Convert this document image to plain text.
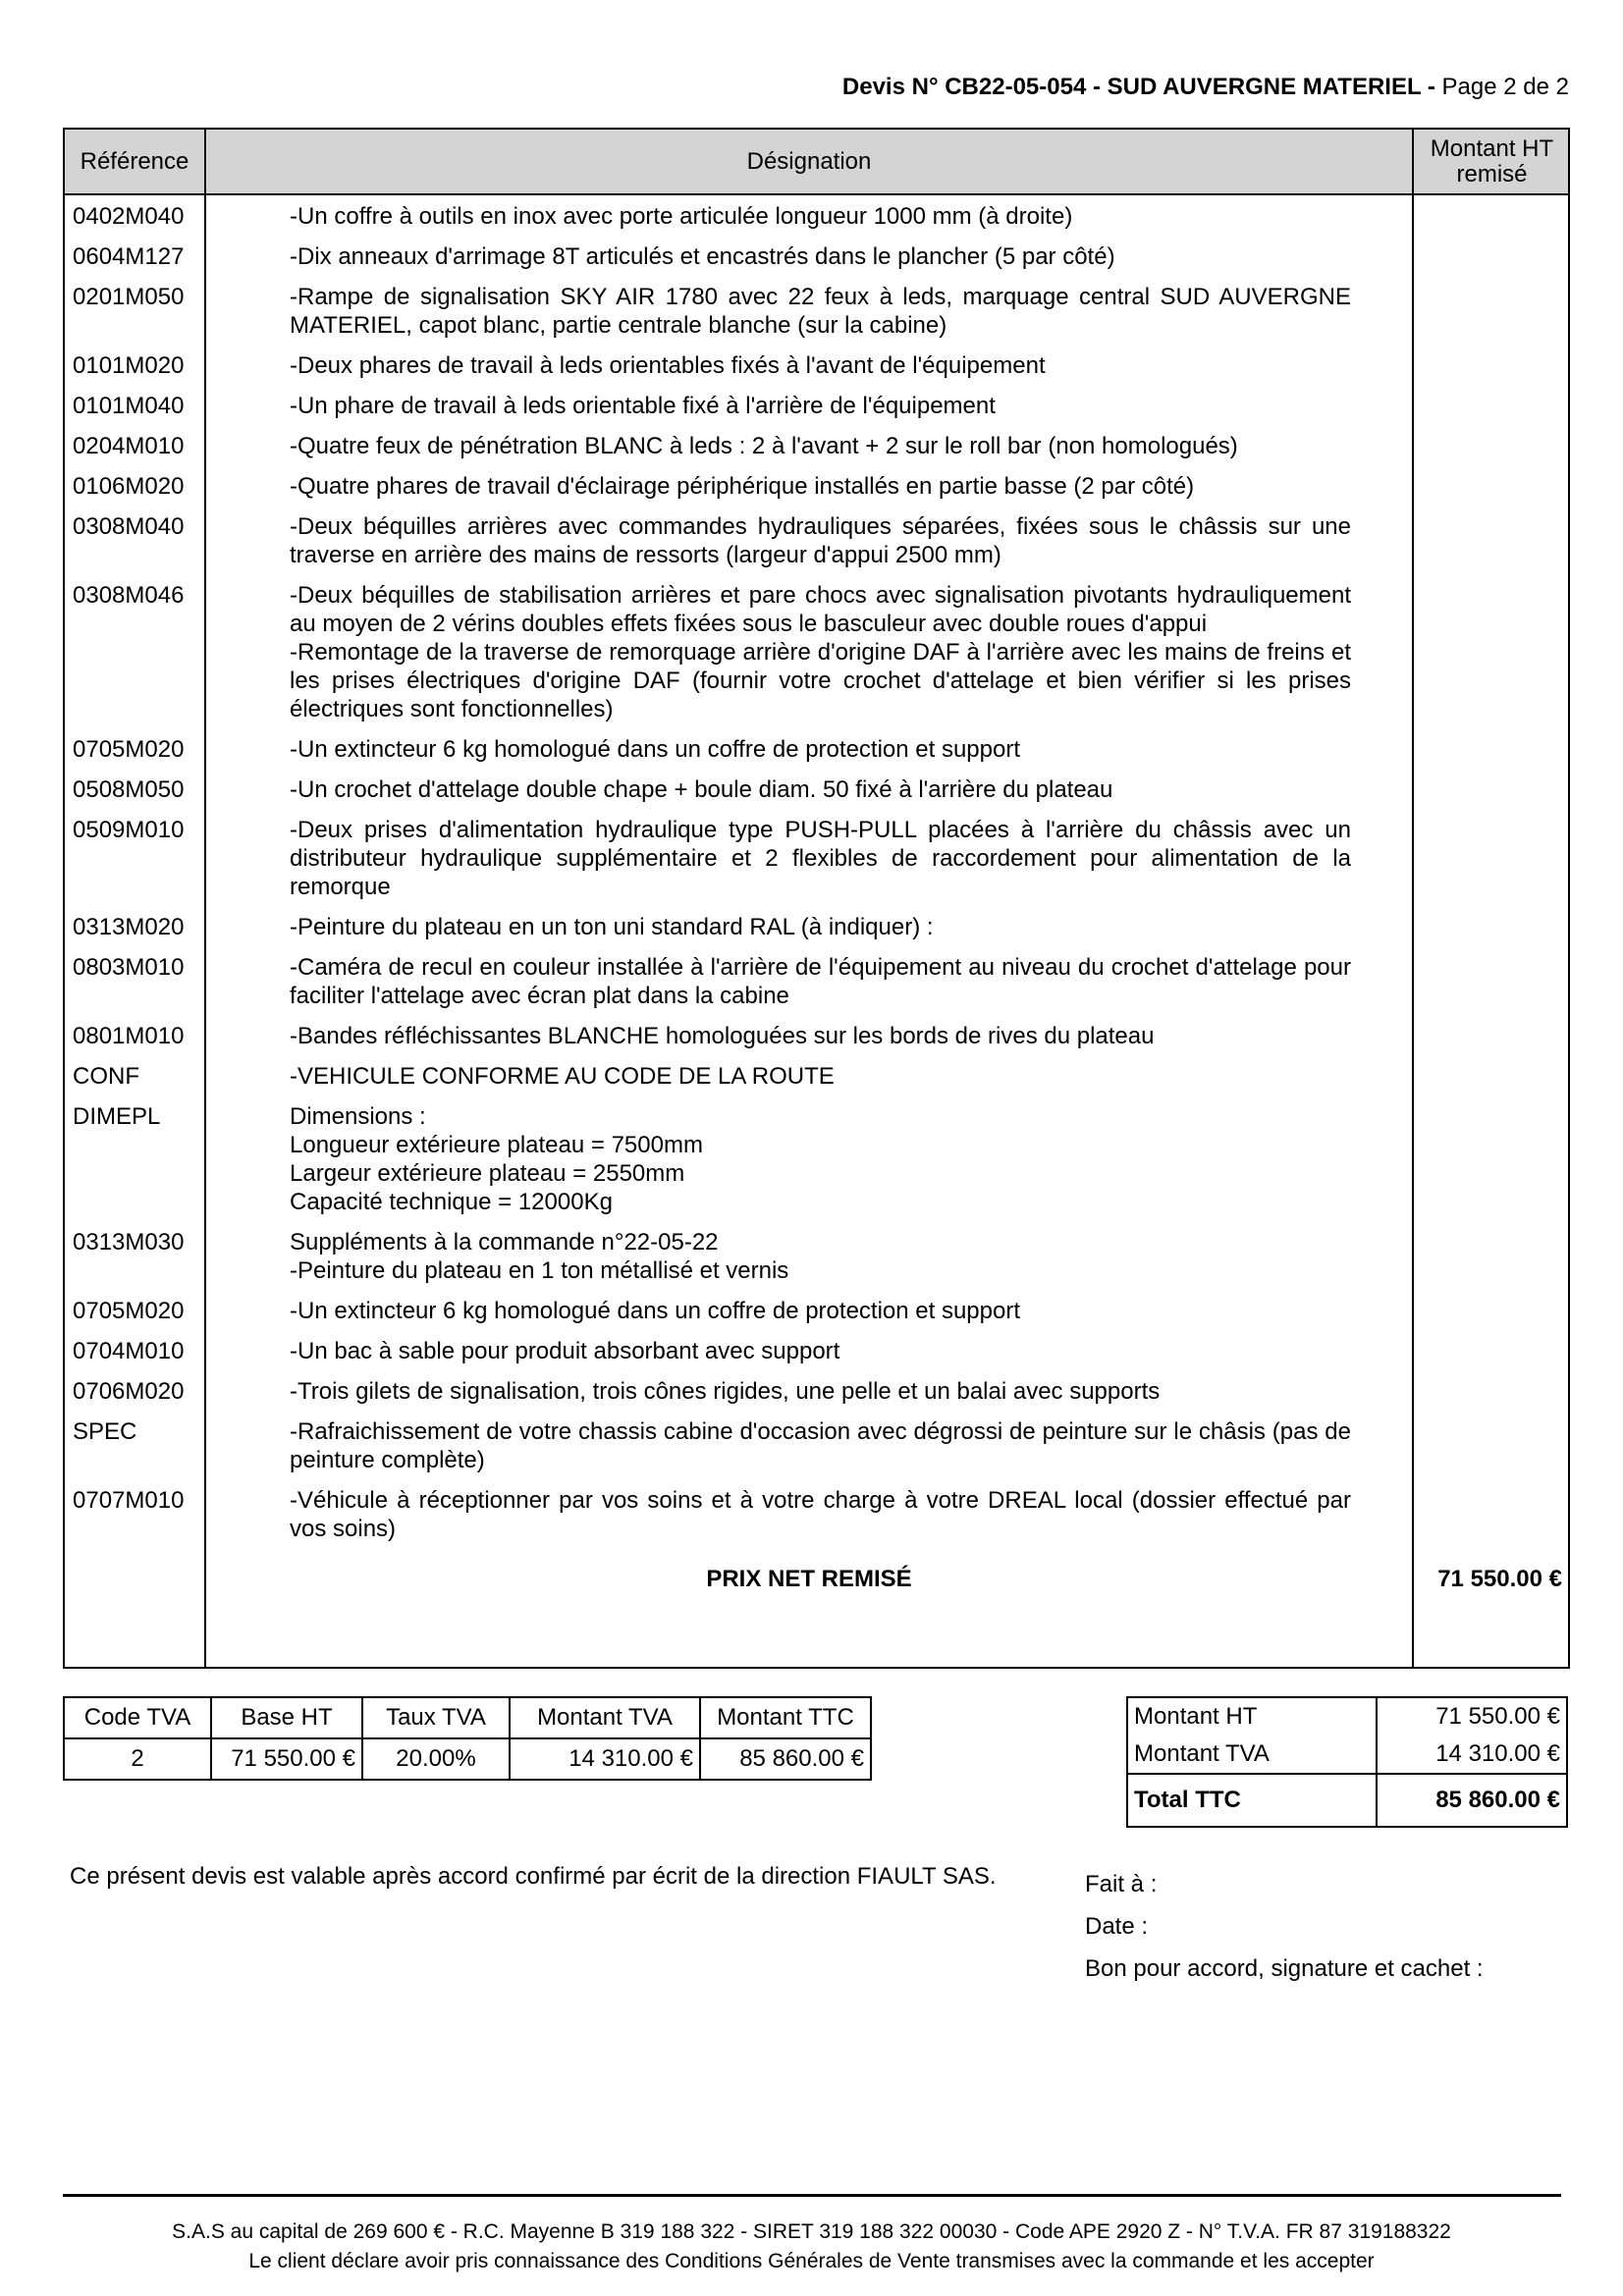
Devis N° CB22-05-054 - SUD AUVERGNE MATERIEL - Page 2 de 2
Référence	Désignation	Montant HT
remisé
0402M040	-Un coffre à outils en inox avec porte articulée longueur 1000 mm (à droite)
0604M127	-Dix anneaux d'arrimage 8T articulés et encastrés dans le plancher (5 par côté)
0201M050	-Rampe de signalisation SKY AIR 1780 avec 22 feux à leds, marquage central SUD AUVERGNE MATERIEL, capot blanc, partie centrale blanche (sur la cabine)
0101M020	-Deux phares de travail à leds orientables fixés à l'avant de l'équipement
0101M040	-Un phare de travail à leds orientable fixé à l'arrière de l'équipement
0204M010	-Quatre feux de pénétration BLANC à leds : 2 à l'avant + 2 sur le roll bar (non homologués)
0106M020	-Quatre phares de travail d'éclairage périphérique installés en partie basse (2 par côté)
0308M040	-Deux béquilles arrières avec commandes hydrauliques séparées, fixées sous le châssis sur une traverse en arrière des mains de ressorts (largeur d'appui 2500 mm)
0308M046	-Deux béquilles de stabilisation arrières et pare chocs avec signalisation pivotants hydrauliquement au moyen de 2 vérins doubles effets fixées sous le basculeur avec double roues d'appui
-Remontage de la traverse de remorquage arrière d'origine DAF à l'arrière avec les mains de freins et les prises électriques d'origine DAF (fournir votre crochet d'attelage et bien vérifier si les prises électriques sont fonctionnelles)
0705M020	-Un extincteur 6 kg homologué dans un coffre de protection et support
0508M050	-Un crochet d'attelage double chape + boule diam. 50 fixé à l'arrière du plateau
0509M010	-Deux prises d'alimentation hydraulique type PUSH-PULL placées à l'arrière du châssis avec un distributeur hydraulique supplémentaire et 2 flexibles de raccordement pour alimentation de la remorque
0313M020	-Peinture du plateau en un ton uni standard RAL (à indiquer) :
0803M010	-Caméra de recul en couleur installée à l'arrière de l'équipement au niveau du crochet d'attelage pour faciliter l'attelage avec écran plat dans la cabine
0801M010	-Bandes réfléchissantes BLANCHE homologuées sur les bords de rives du plateau
CONF	-VEHICULE CONFORME AU CODE DE LA ROUTE
DIMEPL	Dimensions :
Longueur extérieure plateau = 7500mm
Largeur extérieure plateau = 2550mm
Capacité technique = 12000Kg

0313M030	Suppléments à la commande n°22-05-22
-Peinture du plateau en 1 ton métallisé et vernis
0705M020	-Un extincteur 6 kg homologué dans un coffre de protection et support
0704M010	-Un bac à sable pour produit absorbant avec support
0706M020	-Trois gilets de signalisation, trois cônes rigides, une pelle et un balai avec supports
SPEC	-Rafraichissement de votre chassis cabine d'occasion avec dégrossi de peinture sur le châsis (pas de peinture complète)
0707M010	-Véhicule à réceptionner par vos soins et à votre charge à votre DREAL local (dossier effectué par vos soins)
PRIX NET REMISÉ	71 550.00 €
Code TVA	Base HT	Taux TVA	Montant TVA	Montant TTC
2	71 550.00 €	20.00%	14 310.00 €	85 860.00 €
Montant HT	71 550.00 €
Montant TVA	14 310.00 €
Total TTC	85 860.00 €
Ce présent devis est valable après accord confirmé par écrit de la direction FIAULT SAS.	Fait à :
Date :
Bon pour accord, signature et cachet :
S.A.S au capital de 269 600 € - R.C. Mayenne B 319 188 322 - SIRET 319 188 322 00030 - Code APE 2920 Z - N° T.V.A. FR 87 319188322
Le client déclare avoir pris connaissance des Conditions Générales de Vente transmises avec la commande et les accepter
